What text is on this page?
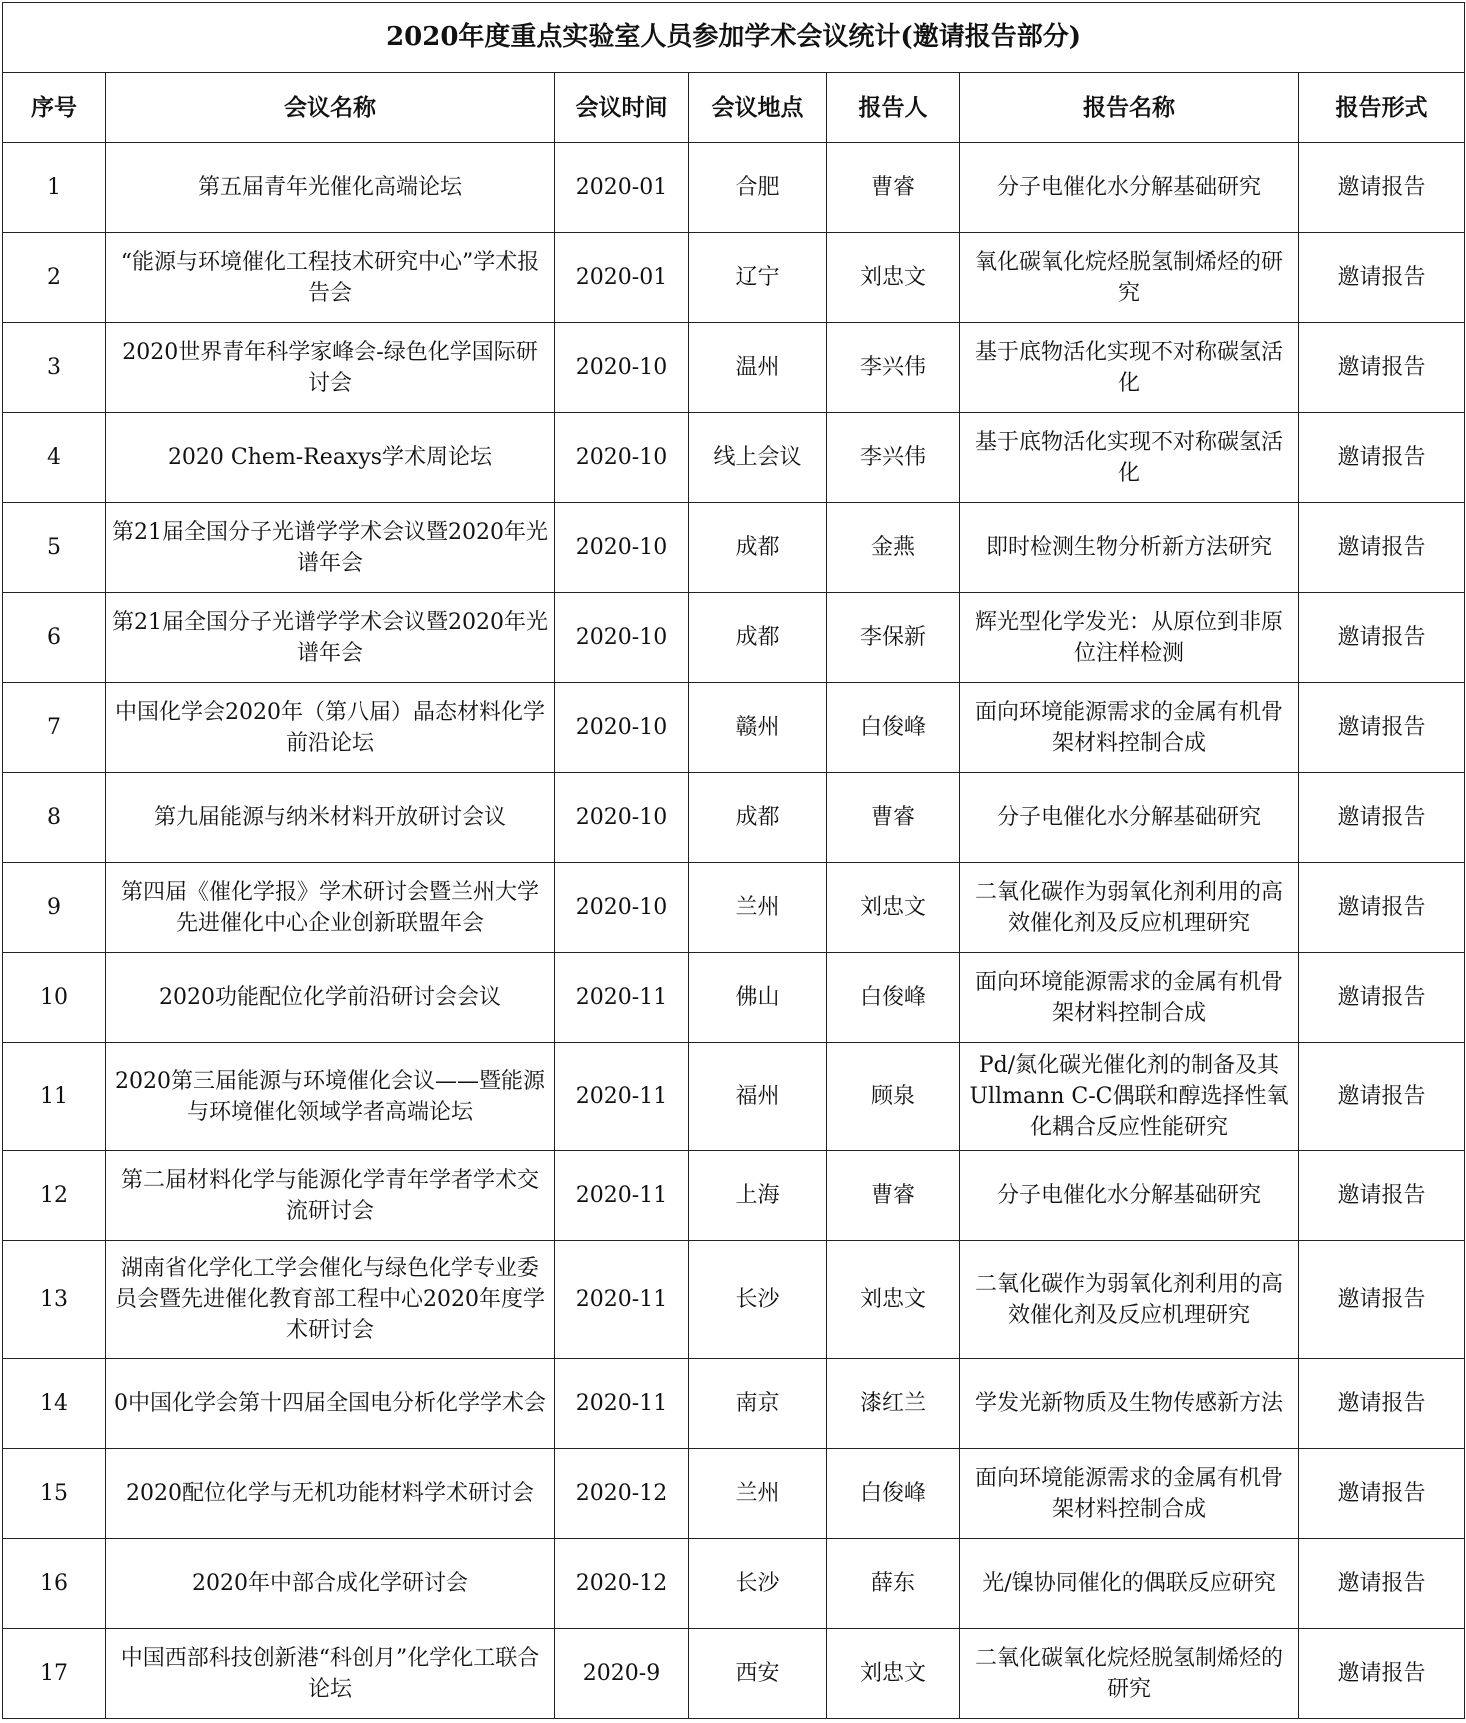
2020年度重点实验室人员参加学术会议统计(邀请报告部分)						
序号	会议名称	会议时间	会议地点	报告人	报告名称	报告形式
1	第五届青年光催化高端论坛	2020-01	合肥	曹睿	分子电催化水分解基础研究	邀请报告
2	“能源与环境催化工程技术研究中心”学术报告会	2020-01	辽宁	刘忠文	氧化碳氧化烷烃脱氢制烯烃的研究	邀请报告
3	2020世界青年科学家峰会-绿色化学国际研讨会	2020-10	温州	李兴伟	基于底物活化实现不对称碳氢活化	邀请报告
4	2020 Chem-Reaxys学术周论坛	2020-10	线上会议	李兴伟	基于底物活化实现不对称碳氢活化	邀请报告
5	第21届全国分子光谱学学术会议暨2020年光谱年会	2020-10	成都	金燕	即时检测生物分析新方法研究	邀请报告
6	第21届全国分子光谱学学术会议暨2020年光谱年会	2020-10	成都	李保新	辉光型化学发光：从原位到非原位注样检测	邀请报告
7	中国化学会2020年（第八届）晶态材料化学前沿论坛	2020-10	赣州	白俊峰	面向环境能源需求的金属有机骨架材料控制合成	邀请报告
8	第九届能源与纳米材料开放研讨会议	2020-10	成都	曹睿	分子电催化水分解基础研究	邀请报告
9	第四届《催化学报》学术研讨会暨兰州大学先进催化中心企业创新联盟年会	2020-10	兰州	刘忠文	二氧化碳作为弱氧化剂利用的高效催化剂及反应机理研究	邀请报告
10	2020功能配位化学前沿研讨会会议	2020-11	佛山	白俊峰	面向环境能源需求的金属有机骨架材料控制合成	邀请报告
11	2020第三届能源与环境催化会议——暨能源与环境催化领域学者高端论坛	2020-11	福州	顾泉	Pd/氮化碳光催化剂的制备及其Ullmann C-C偶联和醇选择性氧化耦合反应性能研究	邀请报告
12	第二届材料化学与能源化学青年学者学术交流研讨会	2020-11	上海	曹睿	分子电催化水分解基础研究	邀请报告
13	湖南省化学化工学会催化与绿色化学专业委员会暨先进催化教育部工程中心2020年度学术研讨会	2020-11	长沙	刘忠文	二氧化碳作为弱氧化剂利用的高效催化剂及反应机理研究	邀请报告
14	0中国化学会第十四届全国电分析化学学术会	2020-11	南京	漆红兰	学发光新物质及生物传感新方法	邀请报告
15	2020配位化学与无机功能材料学术研讨会	2020-12	兰州	白俊峰	面向环境能源需求的金属有机骨架材料控制合成	邀请报告
16	2020年中部合成化学研讨会	2020-12	长沙	薛东	光/镍协同催化的偶联反应研究	邀请报告
17	中国西部科技创新港“科创月”化学化工联合论坛	2020-9	西安	刘忠文	二氧化碳氧化烷烃脱氢制烯烃的研究	邀请报告
